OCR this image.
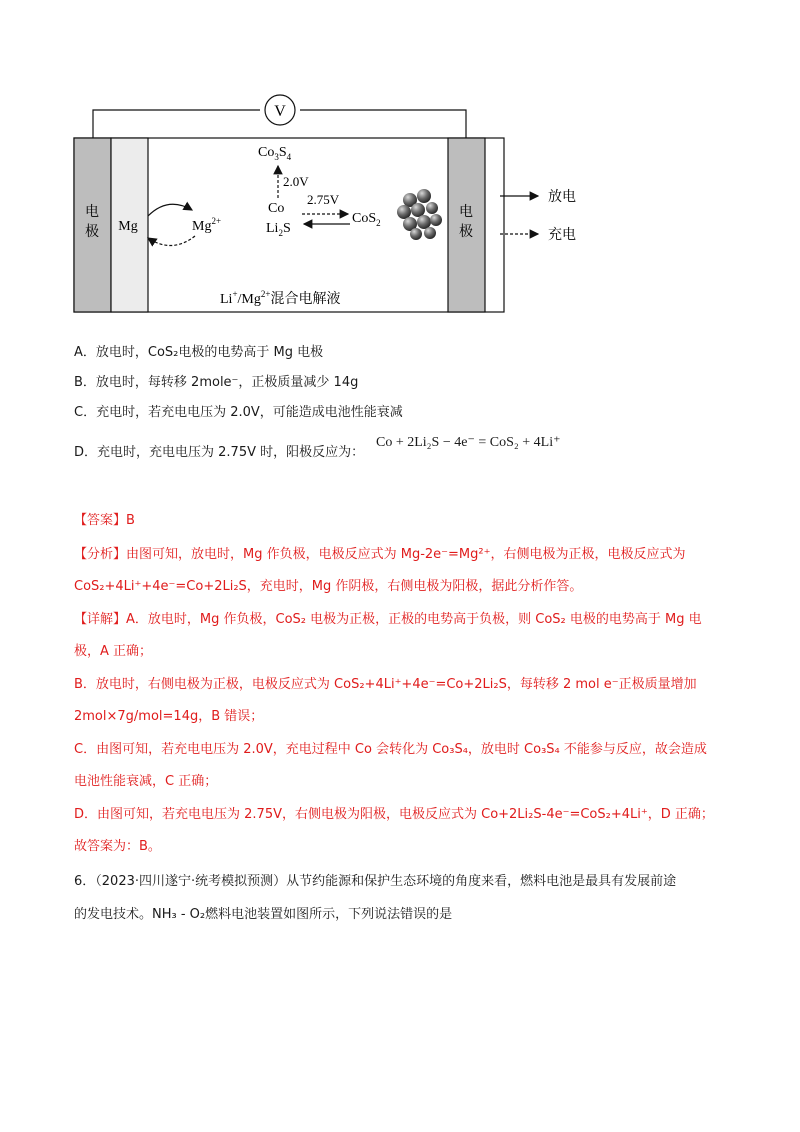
V
电
极
电
极
Mg	$Mg^{2+}$
$Co_3S_4$
2.0V
Co
$Li_2S$
2.75V
CoS$_2$
$Li^+/Mg^{2+}$混合电解液
放电
充电
A．放电时，CoS₂电极的电势高于 Mg 电极
B．放电时，每转移 2mole⁻，正极质量减少 14g
C．充电时，若充电电压为 2.0V，可能造成电池性能衰减
D．充电时，充电电压为 2.75V 时，阳极反应为：
Co + 2Li₂S − 4e⁻ = CoS₂ + 4Li⁺
【答案】B
【分析】由图可知，放电时，Mg 作负极，电极反应式为 Mg-2e⁻=Mg²⁺，右侧电极为正极，电极反应式为
CoS₂+4Li⁺+4e⁻=Co+2Li₂S，充电时，Mg 作阴极，右侧电极为阳极，据此分析作答。
【详解】A．放电时，Mg 作负极，CoS₂ 电极为正极，正极的电势高于负极，则 CoS₂ 电极的电势高于 Mg 电
极，A 正确；
B．放电时，右侧电极为正极，电极反应式为 CoS₂+4Li⁺+4e⁻=Co+2Li₂S，每转移 2 mol e⁻正极质量增加
2mol×7g/mol=14g，B 错误；
C．由图可知，若充电电压为 2.0V，充电过程中 Co 会转化为 Co₃S₄，放电时 Co₃S₄ 不能参与反应，故会造成
电池性能衰减，C 正确；
D．由图可知，若充电电压为 2.75V，右侧电极为阳极，电极反应式为 Co+2Li₂S-4e⁻=CoS₂+4Li⁺，D 正确；
故答案为：B。
6．（2023·四川遂宁·统考模拟预测）从节约能源和保护生态环境的角度来看，燃料电池是最具有发展前途
的发电技术。NH₃ - O₂燃料电池装置如图所示，下列说法错误的是
